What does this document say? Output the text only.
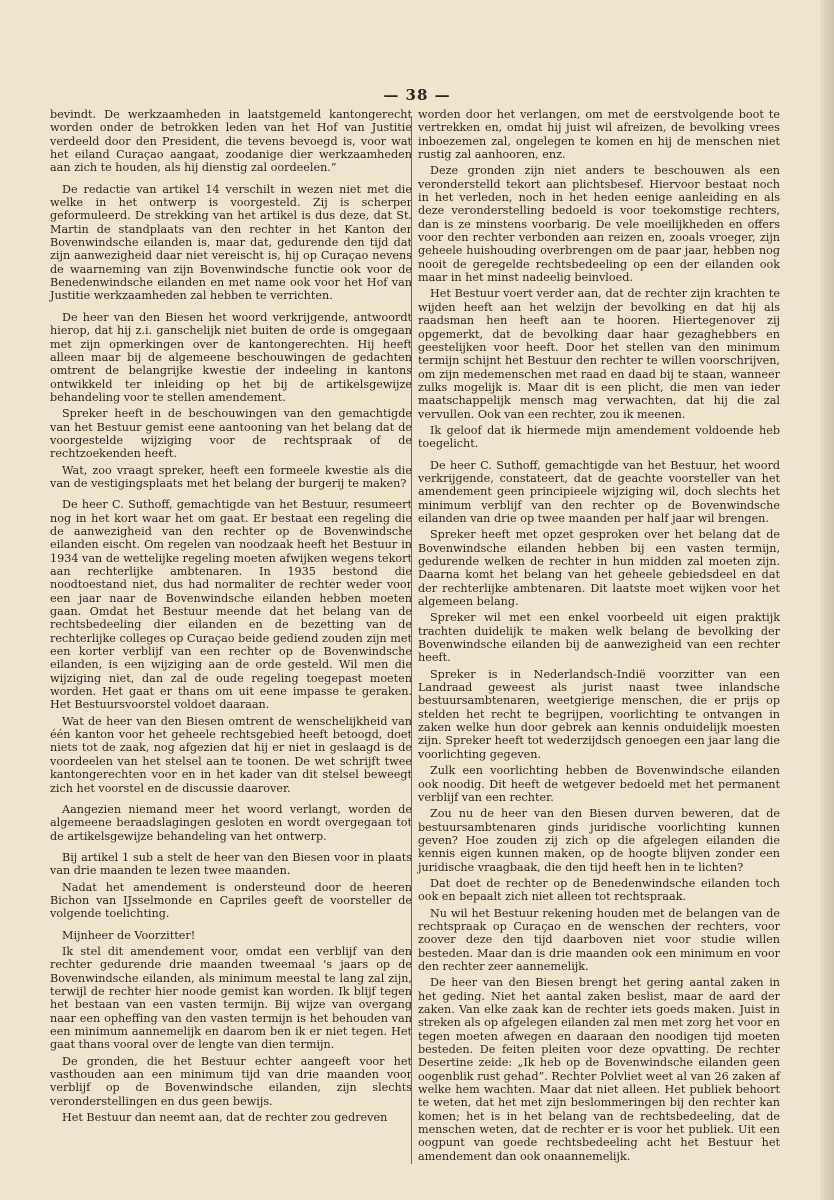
— 38 —

bevindt. De werkzaamheden in laatstgemeld kantongerecht worden onder de betrokken leden van het Hof van Justitie verdeeld door den President, die tevens bevoegd is, voor wat het eiland Curaçao aangaat, zoodanige dier werkzaamheden aan zich te houden, als hij dienstig zal oordeelen.”

De redactie van artikel 14 verschilt in wezen niet met die welke in het ontwerp is voorgesteld. Zij is scherper geformuleerd. De strekking van het artikel is dus deze, dat St. Martin de standplaats van den rechter in het Kanton der Bovenwindsche eilanden is, maar dat, gedurende den tijd dat zijn aanwezigheid daar niet vereischt is, hij op Curaçao nevens de waarneming van zijn Bovenwindsche functie ook voor de Benedenwindsche eilanden en met name ook voor het Hof van Justitie werkzaamheden zal hebben te verrichten.

De heer van den Biesen het woord verkrijgende, antwoordt hierop, dat hij z.i. ganschelijk niet buiten de orde is omgegaan met zijn opmerkingen over de kantongerechten. Hij heeft alleen maar bij de algemeene beschouwingen de gedachten omtrent de belangrijke kwestie der indeeling in kantons ontwikkeld ter inleiding op het bij de artikelsgewijze behandeling voor te stellen amendement.

Spreker heeft in de beschouwingen van den gemachtigde van het Bestuur gemist eene aantooning van het belang dat de voorgestelde wijziging voor de rechtspraak of de rechtzoekenden heeft.

Wat, zoo vraagt spreker, heeft een formeele kwestie als die van de vestigingsplaats met het belang der burgerij te maken?

De heer C. Suthoff, gemachtigde van het Bestuur, resumeert nog in het kort waar het om gaat. Er bestaat een regeling die de aanwezigheid van den rechter op de Bovenwindsche eilanden eischt. Om regelen van noodzaak heeft het Bestuur in 1934 van de wettelijke regeling moeten afwijken wegens tekort aan rechterlijke ambtenaren. In 1935 bestond die noodtoestand niet, dus had normaliter de rechter weder voor een jaar naar de Bovenwindsche eilanden hebben moeten gaan. Omdat het Bestuur meende dat het belang van de rechtsbedeeling dier eilanden en de bezetting van de rechterlijke colleges op Curaçao beide gediend zouden zijn met een korter verblijf van een rechter op de Bovenwindsche eilanden, is een wijziging aan de orde gesteld. Wil men die wijziging niet, dan zal de oude regeling toegepast moeten worden. Het gaat er thans om uit eene impasse te geraken. Het Bestuursvoorstel voldoet daaraan.

Wat de heer van den Biesen omtrent de wenschelijkheid van één kanton voor het geheele rechtsgebied heeft betoogd, doet niets tot de zaak, nog afgezien dat hij er niet in geslaagd is de voordeelen van het stelsel aan te toonen. De wet schrijft twee kantongerechten voor en in het kader van dit stelsel beweegt zich het voorstel en de discussie daarover.

Aangezien niemand meer het woord verlangt, worden de algemeene beraadslagingen gesloten en wordt overgegaan tot de artikelsgewijze behandeling van het ontwerp.

Bij artikel 1 sub a stelt de heer van den Biesen voor in plaats van drie maanden te lezen twee maanden.

Nadat het amendement is ondersteund door de heeren Bichon van IJsselmonde en Capriles geeft de voorsteller de volgende toelichting.

Mijnheer de Voorzitter!

Ik stel dit amendement voor, omdat een verblijf van den rechter gedurende drie maanden tweemaal 's jaars op de Bovenwindsche eilanden, als minimum meestal te lang zal zijn, terwijl de rechter hier noode gemist kan worden. Ik blijf tegen het bestaan van een vasten termijn. Bij wijze van overgang naar een opheffing van den vasten termijn is het behouden van een minimum aannemelijk en daarom ben ik er niet tegen. Het gaat thans vooral over de lengte van dien termijn.

De gronden, die het Bestuur echter aangeeft voor het vasthouden aan een minimum tijd van drie maanden voor verblijf op de Bovenwindsche eilanden, zijn slechts veronderstellingen en dus geen bewijs.

Het Bestuur dan neemt aan, dat de rechter zou gedreven

worden door het verlangen, om met de eerstvolgende boot te vertrekken en, omdat hij juist wil afreizen, de bevolking vrees inboezemen zal, ongelegen te komen en hij de menschen niet rustig zal aanhooren, enz.

Deze gronden zijn niet anders te beschouwen als een veronderstelld tekort aan plichtsbesef. Hiervoor bestaat noch in het verleden, noch in het heden eenige aanleiding en als deze veronderstelling bedoeld is voor toekomstige rechters, dan is ze minstens voorbarig. De vele moeilijkheden en offers voor den rechter verbonden aan reizen en, zooals vroeger, zijn geheele huishouding overbrengen om de paar jaar, hebben nog nooit de geregelde rechtsbedeeling op een der eilanden ook maar in het minst nadeelig beinvloed.

Het Bestuur voert verder aan, dat de rechter zijn krachten te wijden heeft aan het welzijn der bevolking en dat hij als raadsman hen heeft aan te hooren. Hiertegenover zij opgemerkt, dat de bevolking daar haar gezaghebbers en geestelijken voor heeft. Door het stellen van den minimum termijn schijnt het Bestuur den rechter te willen voorschrijven, om zijn medemenschen met raad en daad bij te staan, wanneer zulks mogelijk is. Maar dit is een plicht, die men van ieder maatschappelijk mensch mag verwachten, dat hij die zal vervullen. Ook van een rechter, zou ik meenen.

Ik geloof dat ik hiermede mijn amendement voldoende heb toegelicht.

De heer C. Suthoff, gemachtigde van het Bestuur, het woord verkrijgende, constateert, dat de geachte voorsteller van het amendement geen principieele wijziging wil, doch slechts het minimum verblijf van den rechter op de Bovenwindsche eilanden van drie op twee maanden per half jaar wil brengen.

Spreker heeft met opzet gesproken over het belang dat de Bovenwindsche eilanden hebben bij een vasten termijn, gedurende welken de rechter in hun midden zal moeten zijn. Daarna komt het belang van het geheele gebiedsdeel en dat der rechterlijke ambtenaren. Dit laatste moet wijken voor het algemeen belang.

Spreker wil met een enkel voorbeeld uit eigen praktijk trachten duidelijk te maken welk belang de bevolking der Bovenwindsche eilanden bij de aanwezigheid van een rechter heeft.

Spreker is in Nederlandsch-Indië voorzitter van een Landraad geweest als jurist naast twee inlandsche bestuursambtenaren, weetgierige menschen, die er prijs op stelden het recht te begrijpen, voorlichting te ontvangen in zaken welke hun door gebrek aan kennis onduidelijk moesten zijn. Spreker heeft tot wederzijdsch genoegen een jaar lang die voorlichting gegeven.

Zulk een voorlichting hebben de Bovenwindsche eilanden ook noodig. Dit heeft de wetgever bedoeld met het permanent verblijf van een rechter.

Zou nu de heer van den Biesen durven beweren, dat de bestuursambtenaren ginds juridische voorlichting kunnen geven? Hoe zouden zij zich op die afgelegen eilanden die kennis eigen kunnen maken, op de hoogte blijven zonder een juridische vraagbaak, die den tijd heeft hen in te lichten?

Dat doet de rechter op de Benedenwindsche eilanden toch ook en bepaalt zich niet alleen tot rechtspraak.

Nu wil het Bestuur rekening houden met de belangen van de rechtspraak op Curaçao en de wenschen der rechters, voor zoover deze den tijd daarboven niet voor studie willen besteden. Maar dan is drie maanden ook een minimum en voor den rechter zeer aannemelijk.

De heer van den Biesen brengt het gering aantal zaken in het geding. Niet het aantal zaken beslist, maar de aard der zaken. Van elke zaak kan de rechter iets goeds maken. Juist in streken als op afgelegen eilanden zal men met zorg het voor en tegen moeten afwegen en daaraan den noodigen tijd moeten besteden. De feiten pleiten voor deze opvatting. De rechter Desertine zeide: „Ik heb op de Bovenwindsche eilanden geen oogenblik rust gehad”. Rechter Polvliet weet al van 26 zaken af welke hem wachten. Maar dat niet alleen. Het publiek behoort te weten, dat het met zijn beslommeringen bij den rechter kan komen; het is in het belang van de rechtsbedeeling, dat de menschen weten, dat de rechter er is voor het publiek. Uit een oogpunt van goede rechtsbedeeling acht het Bestuur het amendement dan ook onaannemelijk.
